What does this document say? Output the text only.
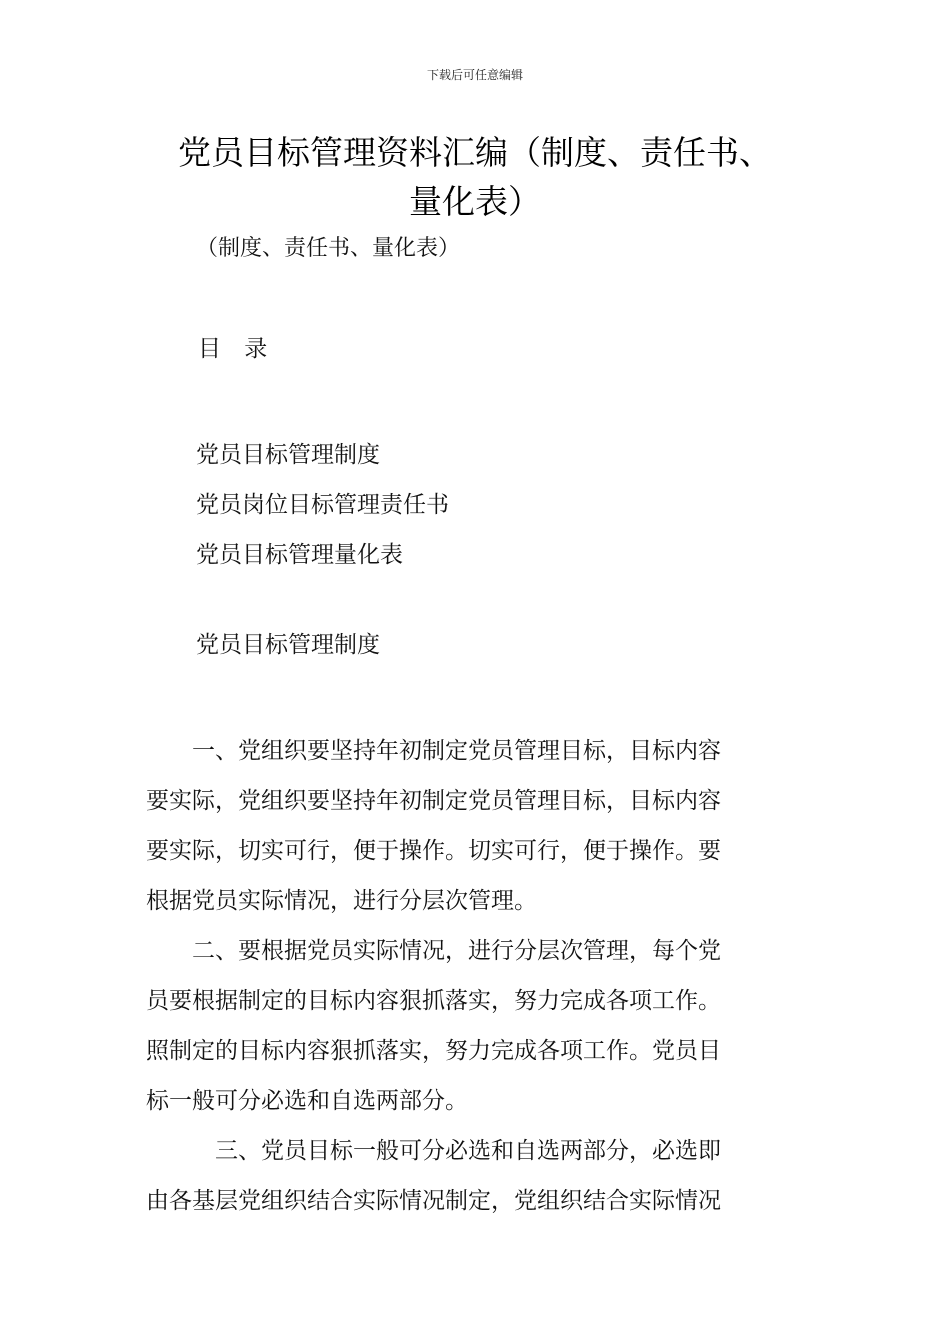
下载后可任意编辑
党员目标管理资料汇编（制度、责任书、
量化表）
（制度、责任书、量化表）
目 录
党员目标管理制度
党员岗位目标管理责任书
党员目标管理量化表
党员目标管理制度

　　一、党组织要坚持年初制定党员管理目标，目标内容

要实际，党组织要坚持年初制定党员管理目标，目标内容

要实际，切实可行，便于操作。切实可行，便于操作。要

根据党员实际情况，进行分层次管理。

　　二、要根据党员实际情况，进行分层次管理，每个党

员要根据制定的目标内容狠抓落实，努力完成各项工作。

照制定的目标内容狠抓落实，努力完成各项工作。党员目

标一般可分必选和自选两部分。

　　　三、党员目标一般可分必选和自选两部分，必选即

由各基层党组织结合实际情况制定，党组织结合实际情况
